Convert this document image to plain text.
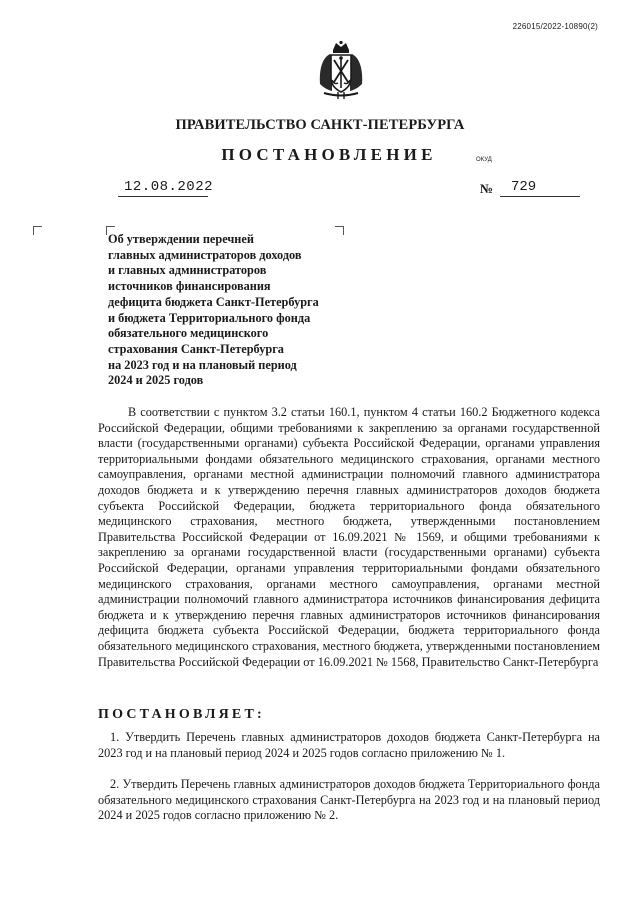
226015/2022-10890(2)
ПРАВИТЕЛЬСТВО САНКТ-ПЕТЕРБУРГА
ПОСТАНОВЛЕНИЕ	ОКУД
12.08.2022	№ 729
Об утверждении перечней
главных администраторов доходов
и главных администраторов
источников финансирования
дефицита бюджета Санкт-Петербурга
и бюджета Территориального фонда
обязательного медицинского
страхования Санкт-Петербурга
на 2023 год и на плановый период
2024 и 2025 годов
В соответствии с пунктом 3.2 статьи 160.1, пунктом 4 статьи 160.2 Бюджетного кодекса Российской Федерации, общими требованиями к закреплению за органами государственной власти (государственными органами) субъекта Российской Федерации, органами управления территориальными фондами обязательного медицинского страхования, органами местного самоуправления, органами местной администрации полномочий главного администратора доходов бюджета и к утверждению перечня главных администраторов доходов бюджета субъекта Российской Федерации, бюджета территориального фонда обязательного медицинского страхования, местного бюджета, утвержденными постановлением Правительства Российской Федерации от 16.09.2021 № 1569, и общими требованиями к закреплению за органами государственной власти (государственными органами) субъекта Российской Федерации, органами управления территориальными фондами обязательного медицинского страхования, органами местного самоуправления, органами местной администрации полномочий главного администратора источников финансирования дефицита бюджета и к утверждению перечня главных администраторов источников финансирования дефицита бюджета субъекта Российской Федерации, бюджета территориального фонда обязательного медицинского страхования, местного бюджета, утвержденными постановлением Правительства Российской Федерации от 16.09.2021 № 1568, Правительство Санкт-Петербурга
ПОСТАНОВЛЯЕТ:
1. Утвердить Перечень главных администраторов доходов бюджета Санкт-Петербурга на 2023 год и на плановый период 2024 и 2025 годов согласно приложению № 1.
2. Утвердить Перечень главных администраторов доходов бюджета Территориального фонда обязательного медицинского страхования Санкт-Петербурга на 2023 год и на плановый период 2024 и 2025 годов согласно приложению № 2.
